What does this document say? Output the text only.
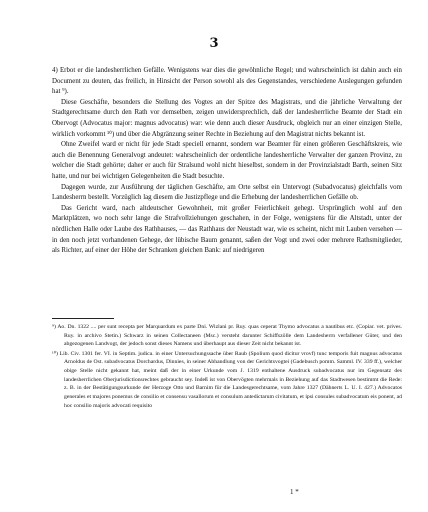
3

4) Erbot er die landesherrlichen Gefälle. Wenigstens war dies die gewöhnliche Regel; und wahrscheinlich ist dahin auch ein Document zu deuten, das freilich, in Hinsicht der Person sowohl als des Gegenstandes, verschiedene Auslegungen gefunden hat ⁹).

Diese Geschäfte, besonders die Stellung des Vogtes an der Spitze des Magistrats, und die jährliche Verwaltung der Stadtgerechtsame durch den Rath vor demselben, zeigen unwidersprechlich, daß der landesherrliche Beamte der Stadt ein Obervogt (Advocatus major: magnus advocatus) war: wie denn auch dieser Ausdruck, obgleich nur an einer einzigen Stelle, wirklich vorkommt ¹⁰) und über die Abgränzung seiner Rechte in Beziehung auf den Magistrat nichts bekannt ist.

Ohne Zweifel ward er nicht für jede Stadt speciell ernannt, sondern war Beamter für einen größeren Geschäftskreis, wie auch die Benennung Generalvogt andeutet: wahrscheinlich der ordentliche landesherrliche Verwalter der ganzen Provinz, zu welcher die Stadt gehörte; daher er auch für Stralsund wohl nicht hieselbst, sondern in der Provinzialstadt Barth, seinen Sitz hatte, und nur bei wichtigen Gelegenheiten die Stadt besuchte.

Dagegen wurde, zur Ausführung der täglichen Geschäfte, am Orte selbst ein Untervogt (Subadvocatus) gleichfalls vom Landesherrn bestellt. Vorzüglich lag diesem die Justizpflege und die Erhebung der landesherrlichen Gefälle ob.

Das Gericht ward, nach altdeutscher Gewohnheit, mit großer Feierlichkeit gehegt. Ursprünglich wohl auf den Marktplätzen, wo noch sehr lange die Strafvollziehungen geschahen, in der Folge, wenigstens für die Altstadt, unter der nördlichen Halle oder Laube des Rathhauses, — das Rathhaus der Neustadt war, wie es scheint, nicht mit Lauben versehen — in den noch jetzt vorhandenen Gehege, der lübische Baum genannt, saßen der Vogt und zwei oder mehrere Rathsmitglieder, als Richter, auf einer der Höhe der Schranken gleichen Bank: auf niedrigeren

⁹) Ao. Dn. 1322 .... per sunt recepta per Marquardum ex parte Dni. Wizlani pr. Ruy. quas ceperat Thymo advocatus a nautibus etc. (Copiar. vet. prives. Ruy. in archivo Stetin.) Schwarz in seinen Collectaneen (Msc.) versteht darunter Schiffszölle dem Landesherrn verfallener Güter, und den abgezogenen Landvogt, der jedoch sonst dieses Namens und überhaupt aus dieser Zeit nicht bekannt ist.

¹⁰) Lib. Civ. 1301 fer. VI. in Septim. judica. in einer Untersuchungssache über Raub (Spolium quod dicitur vrovf) tunc temporis fuit magnus advocatus Arnoldus de Ost. subadvocatus Dorchardus, Dinnies, in seiner Abhandlung von der Gerichtsvogtei (Gadebusch pomm. Samml. IV. 339 ff.), welcher obige Stelle nicht gekannt hat, meint daß der in einer Urkunde vom J. 1319 enthaltene Ausdruck subadvocatus nur im Gegensatz des landesherrlichen Oberjurisdictionsrechtes gebraucht sey. Indeß ist von Obervögten mehrmals in Beziehung auf das Stadtwesen bestimmt die Rede: z. B. in der Bestätigungsurkunde der Herzoge Otto und Barnim für die Landesgerechtsame, vom Jahre 1327 (Dähnerts L. U. I. 427.) Advocatos generales et majores ponemus de consilio et consensu vasallorum et consulum antedictarum civitatum, et ipsi consules subadvocatum eis ponent, ad hoc consilio majoris advocati requisito

1 *
